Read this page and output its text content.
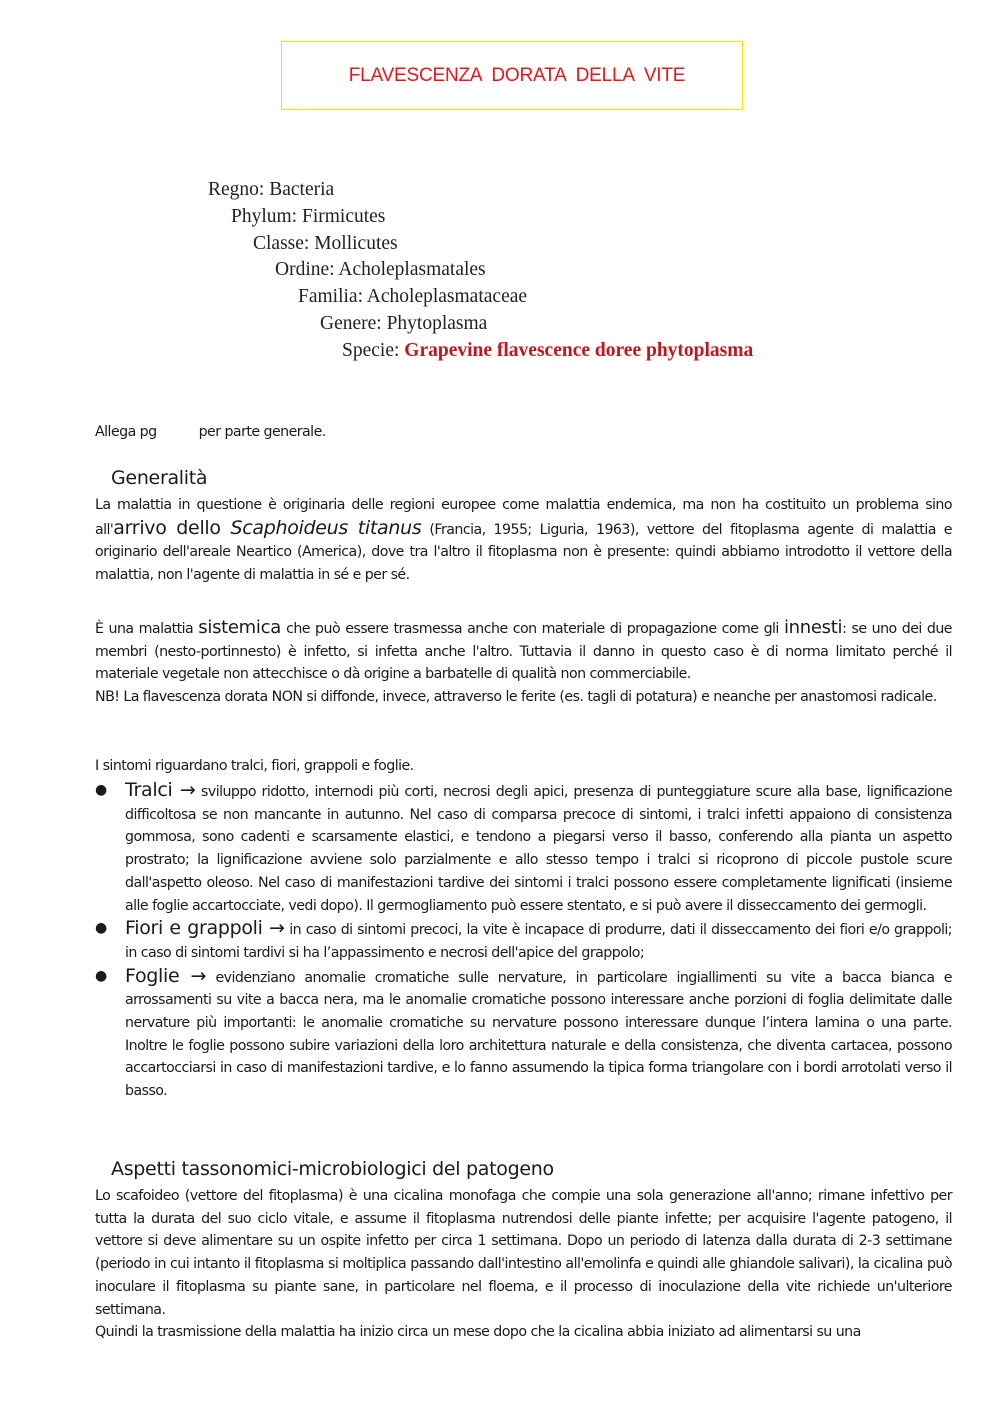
FLAVESCENZA DORATA DELLA VITE
Regno: Bacteria
Phylum: Firmicutes
Classe: Mollicutes
Ordine: Acholeplasmatales
Familia: Acholeplasmataceae
Genere: Phytoplasma
Specie: Grapevine flavescence doree phytoplasma
Allega pg	per parte generale.
Generalità

La malattia in questione è originaria delle regioni europee come malattia endemica, ma non ha costituito un problema sino all'arrivo dello Scaphoideus titanus (Francia, 1955; Liguria, 1963), vettore del fitoplasma agente di malattia e originario dell'areale Neartico (America), dove tra l'altro il fitoplasma non è presente: quindi abbiamo introdotto il vettore della malattia, non l'agente di malattia in sé e per sé.

È una malattia sistemica che può essere trasmessa anche con materiale di propagazione come gli innesti: se uno dei due membri (nesto-portinnesto) è infetto, si infetta anche l'altro. Tuttavia il danno in questo caso è di norma limitato perché il materiale vegetale non attecchisce o dà origine a barbatelle di qualità non commerciabile.

NB! La flavescenza dorata NON si diffonde, invece, attraverso le ferite (es. tagli di potatura) e neanche per anastomosi radicale.

I sintomi riguardano tralci, fiori, grappoli e foglie.
● Tralci → sviluppo ridotto, internodi più corti, necrosi degli apici, presenza di punteggiature scure alla base, lignificazione difficoltosa se non mancante in autunno. Nel caso di comparsa precoce di sintomi, i tralci infetti appaiono di consistenza gommosa, sono cadenti e scarsamente elastici, e tendono a piegarsi verso il basso, conferendo alla pianta un aspetto prostrato; la lignificazione avviene solo parzialmente e allo stesso tempo i tralci si ricoprono di piccole pustole scure dall'aspetto oleoso. Nel caso di manifestazioni tardive dei sintomi i tralci possono essere completamente lignificati (insieme alle foglie accartocciate, vedi dopo). Il germogliamento può essere stentato, e si può avere il disseccamento dei germogli.
● Fiori e grappoli → in caso di sintomi precoci, la vite è incapace di produrre, dati il disseccamento dei fiori e/o grappoli; in caso di sintomi tardivi si ha l’appassimento e necrosi dell'apice del grappolo;
● Foglie → evidenziano anomalie cromatiche sulle nervature, in particolare ingiallimenti su vite a bacca bianca e arrossamenti su vite a bacca nera, ma le anomalie cromatiche possono interessare anche porzioni di foglia delimitate dalle nervature più importanti: le anomalie cromatiche su nervature possono interessare dunque l’intera lamina o una parte. Inoltre le foglie possono subire variazioni della loro architettura naturale e della consistenza, che diventa cartacea, possono accartocciarsi in caso di manifestazioni tardive, e lo fanno assumendo la tipica forma triangolare con i bordi arrotolati verso il basso.
Aspetti tassonomici-microbiologici del patogeno

Lo scafoideo (vettore del fitoplasma) è una cicalina monofaga che compie una sola generazione all'anno; rimane infettivo per tutta la durata del suo ciclo vitale, e assume il fitoplasma nutrendosi delle piante infette; per acquisire l'agente patogeno, il vettore si deve alimentare su un ospite infetto per circa 1 settimana. Dopo un periodo di latenza dalla durata di 2-3 settimane (periodo in cui intanto il fitoplasma si moltiplica passando dall'intestino all'emolinfa e quindi alle ghiandole salivari), la cicalina può inoculare il fitoplasma su piante sane, in particolare nel floema, e il processo di inoculazione della vite richiede un'ulteriore settimana.

Quindi la trasmissione della malattia ha inizio circa un mese dopo che la cicalina abbia iniziato ad alimentarsi su una
